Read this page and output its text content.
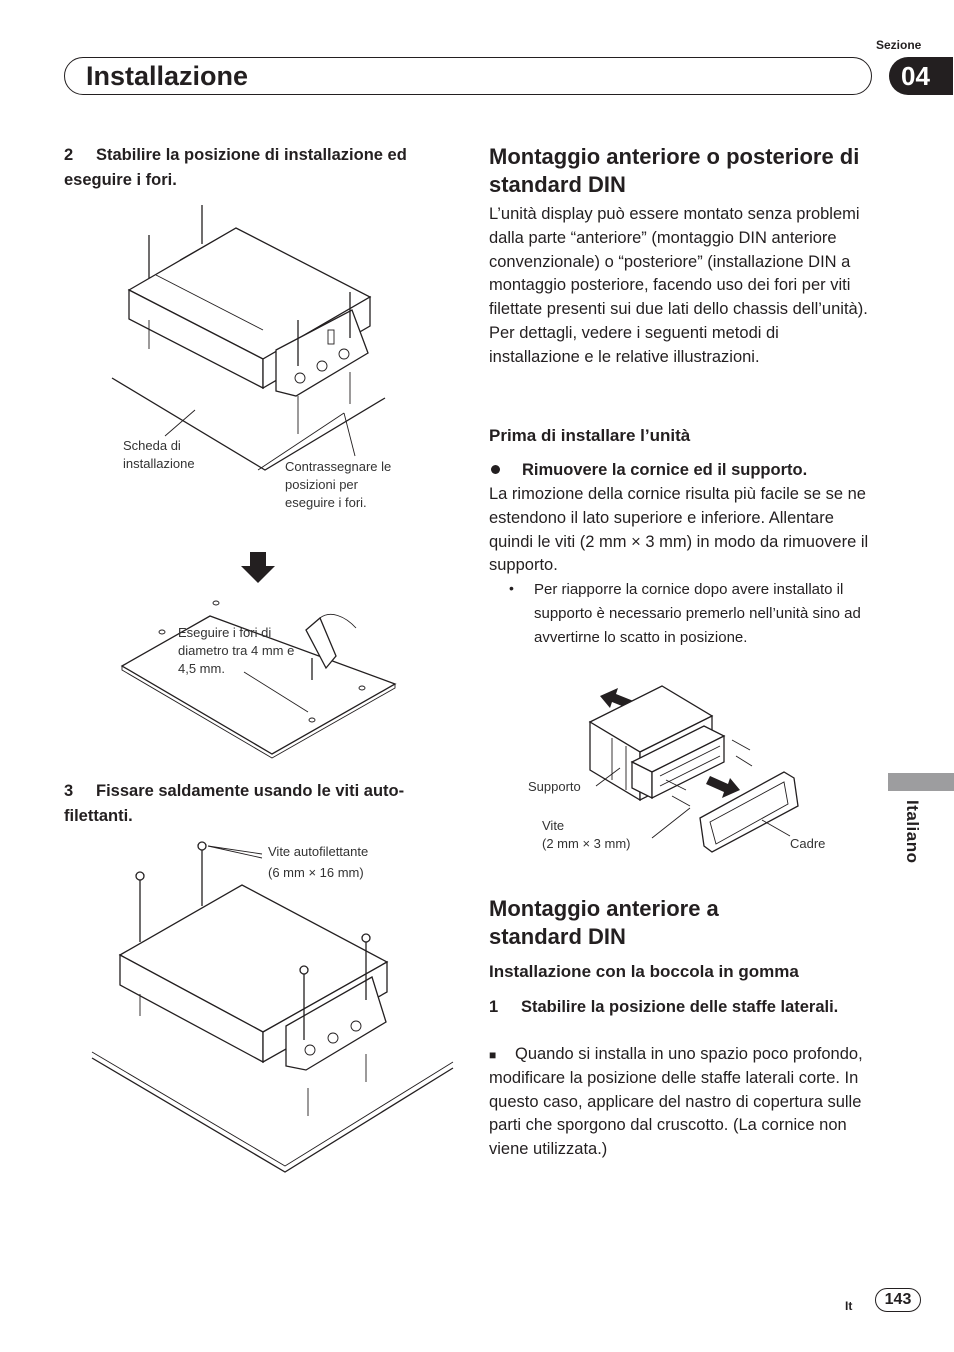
Sezione
Installazione	04
2 Stabilire la posizione di installazione ed eseguire i fori.
Scheda di installazione	Contrassegnare le posizioni per eseguire i fori.
Eseguire i fori di diametro tra 4 mm e 4,5 mm.
3 Fissare saldamente usando le viti auto-filettanti.
Vite autofilettante
(6 mm × 16 mm)
Montaggio anteriore o posteriore di standard DIN

L’unità display può essere montato senza problemi dalla parte “anteriore” (montaggio DIN anteriore convenzionale) o “posteriore” (installazione DIN a montaggio posteriore, facendo uso dei fori per viti filettate presenti sui due lati dello chassis dell’unità). Per dettagli, vedere i seguenti metodi di installazione e le relative illustrazioni.

Prima di installare l’unità
Rimuovere la cornice ed il supporto.

La rimozione della cornice risulta più facile se se ne estendono il lato superiore e inferiore. Allentare quindi le viti (2 mm × 3 mm) in modo da rimuovere il supporto.

•	Per riapporre la cornice dopo avere installato il supporto è necessario premerlo nell’unità sino ad avvertirne lo scatto in posizione.

Supporto
Vite
(2 mm × 3 mm)	Cadre
Montaggio anteriore a standard DIN
Installazione con la boccola in gomma
1 Stabilire la posizione delle staffe laterali.
■	Quando si installa in uno spazio poco profondo, modificare la posizione delle staffe laterali corte. In questo caso, applicare del nastro di copertura sulle parti che sporgono dal cruscotto. (La cornice non viene utilizzata.)

Italiano
It	143
